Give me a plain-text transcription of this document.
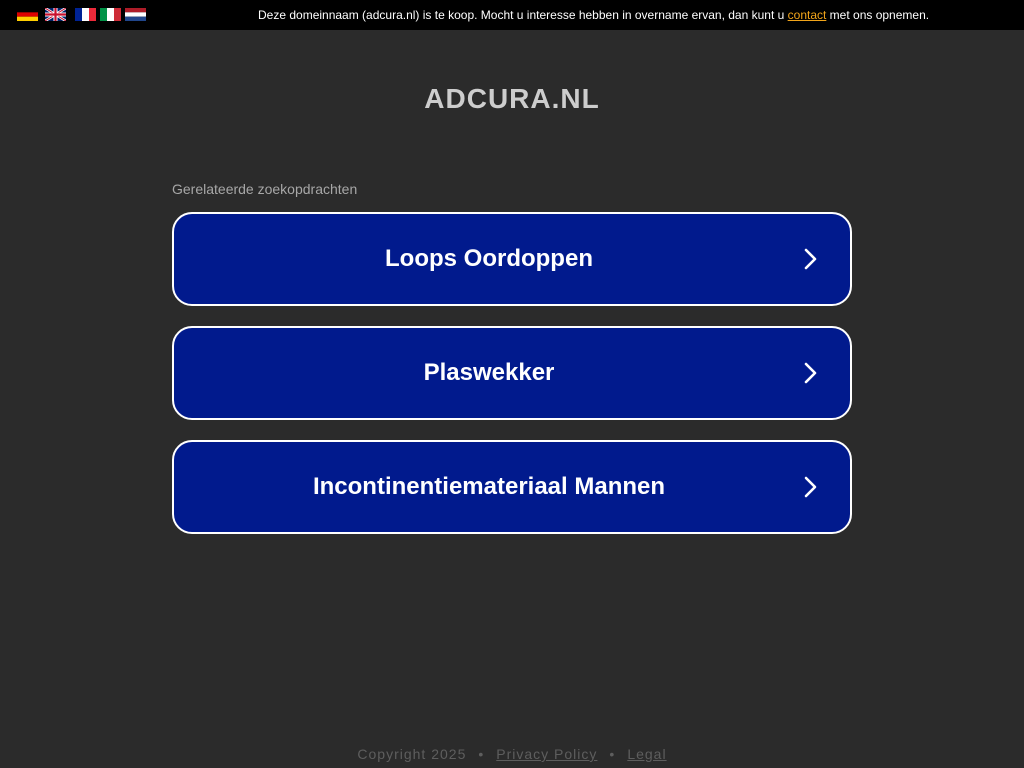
Deze domeinnaam (adcura.nl) is te koop. Mocht u interesse hebben in overname ervan, dan kunt u contact met ons opnemen.
ADCURA.NL
Gerelateerde zoekopdrachten
Loops Oordoppen
Plaswekker
Incontinentiemateriaal Mannen
Copyright 2025 • Privacy Policy • Legal
